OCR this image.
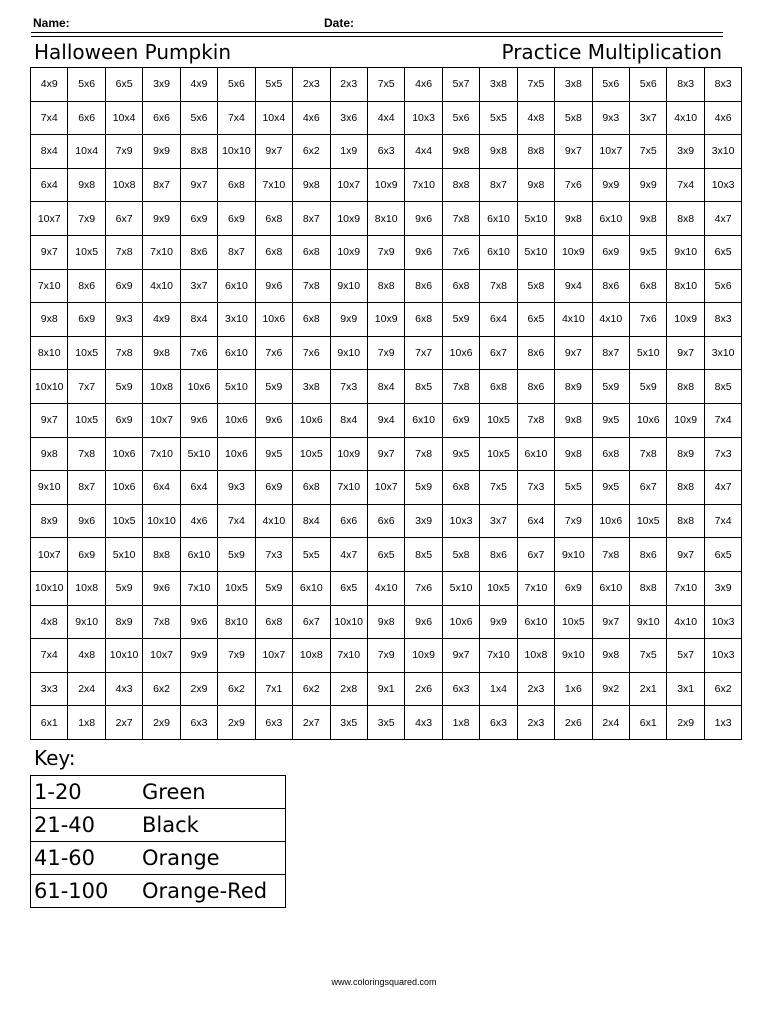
Name:	Date:
Halloween Pumpkin	Practice Multiplication
4x9	5x6	6x5	3x9	4x9	5x6	5x5	2x3	2x3	7x5	4x6	5x7	3x8	7x5	3x8	5x6	5x6	8x3	8x3
7x4	6x6	10x4	6x6	5x6	7x4	10x4	4x6	3x6	4x4	10x3	5x6	5x5	4x8	5x8	9x3	3x7	4x10	4x6
8x4	10x4	7x9	9x9	8x8	10x10	9x7	6x2	1x9	6x3	4x4	9x8	9x8	8x8	9x7	10x7	7x5	3x9	3x10
6x4	9x8	10x8	8x7	9x7	6x8	7x10	9x8	10x7	10x9	7x10	8x8	8x7	9x8	7x6	9x9	9x9	7x4	10x3
10x7	7x9	6x7	9x9	6x9	6x9	6x8	8x7	10x9	8x10	9x6	7x8	6x10	5x10	9x8	6x10	9x8	8x8	4x7
9x7	10x5	7x8	7x10	8x6	8x7	6x8	6x8	10x9	7x9	9x6	7x6	6x10	5x10	10x9	6x9	9x5	9x10	6x5
7x10	8x6	6x9	4x10	3x7	6x10	9x6	7x8	9x10	8x8	8x6	6x8	7x8	5x8	9x4	8x6	6x8	8x10	5x6
9x8	6x9	9x3	4x9	8x4	3x10	10x6	6x8	9x9	10x9	6x8	5x9	6x4	6x5	4x10	4x10	7x6	10x9	8x3
8x10	10x5	7x8	9x8	7x6	6x10	7x6	7x6	9x10	7x9	7x7	10x6	6x7	8x6	9x7	8x7	5x10	9x7	3x10
10x10	7x7	5x9	10x8	10x6	5x10	5x9	3x8	7x3	8x4	8x5	7x8	6x8	8x6	8x9	5x9	5x9	8x8	8x5
9x7	10x5	6x9	10x7	9x6	10x6	9x6	10x6	8x4	9x4	6x10	6x9	10x5	7x8	9x8	9x5	10x6	10x9	7x4
9x8	7x8	10x6	7x10	5x10	10x6	9x5	10x5	10x9	9x7	7x8	9x5	10x5	6x10	9x8	6x8	7x8	8x9	7x3
9x10	8x7	10x6	6x4	6x4	9x3	6x9	6x8	7x10	10x7	5x9	6x8	7x5	7x3	5x5	9x5	6x7	8x8	4x7
8x9	9x6	10x5	10x10	4x6	7x4	4x10	8x4	6x6	6x6	3x9	10x3	3x7	6x4	7x9	10x6	10x5	8x8	7x4
10x7	6x9	5x10	8x8	6x10	5x9	7x3	5x5	4x7	6x5	8x5	5x8	8x6	6x7	9x10	7x8	8x6	9x7	6x5
10x10	10x8	5x9	9x6	7x10	10x5	5x9	6x10	6x5	4x10	7x6	5x10	10x5	7x10	6x9	6x10	8x8	7x10	3x9
4x8	9x10	8x9	7x8	9x6	8x10	6x8	6x7	10x10	9x8	9x6	10x6	9x9	6x10	10x5	9x7	9x10	4x10	10x3
7x4	4x8	10x10	10x7	9x9	7x9	10x7	10x8	7x10	7x9	10x9	9x7	7x10	10x8	9x10	9x8	7x5	5x7	10x3
3x3	2x4	4x3	6x2	2x9	6x2	7x1	6x2	2x8	9x1	2x6	6x3	1x4	2x3	1x6	9x2	2x1	3x1	6x2
6x1	1x8	2x7	2x9	6x3	2x9	6x3	2x7	3x5	3x5	4x3	1x8	6x3	2x3	2x6	2x4	6x1	2x9	1x3
Key:
1-20	Green
21-40	Black
41-60	Orange
61-100	Orange-Red
www.coloringsquared.com
